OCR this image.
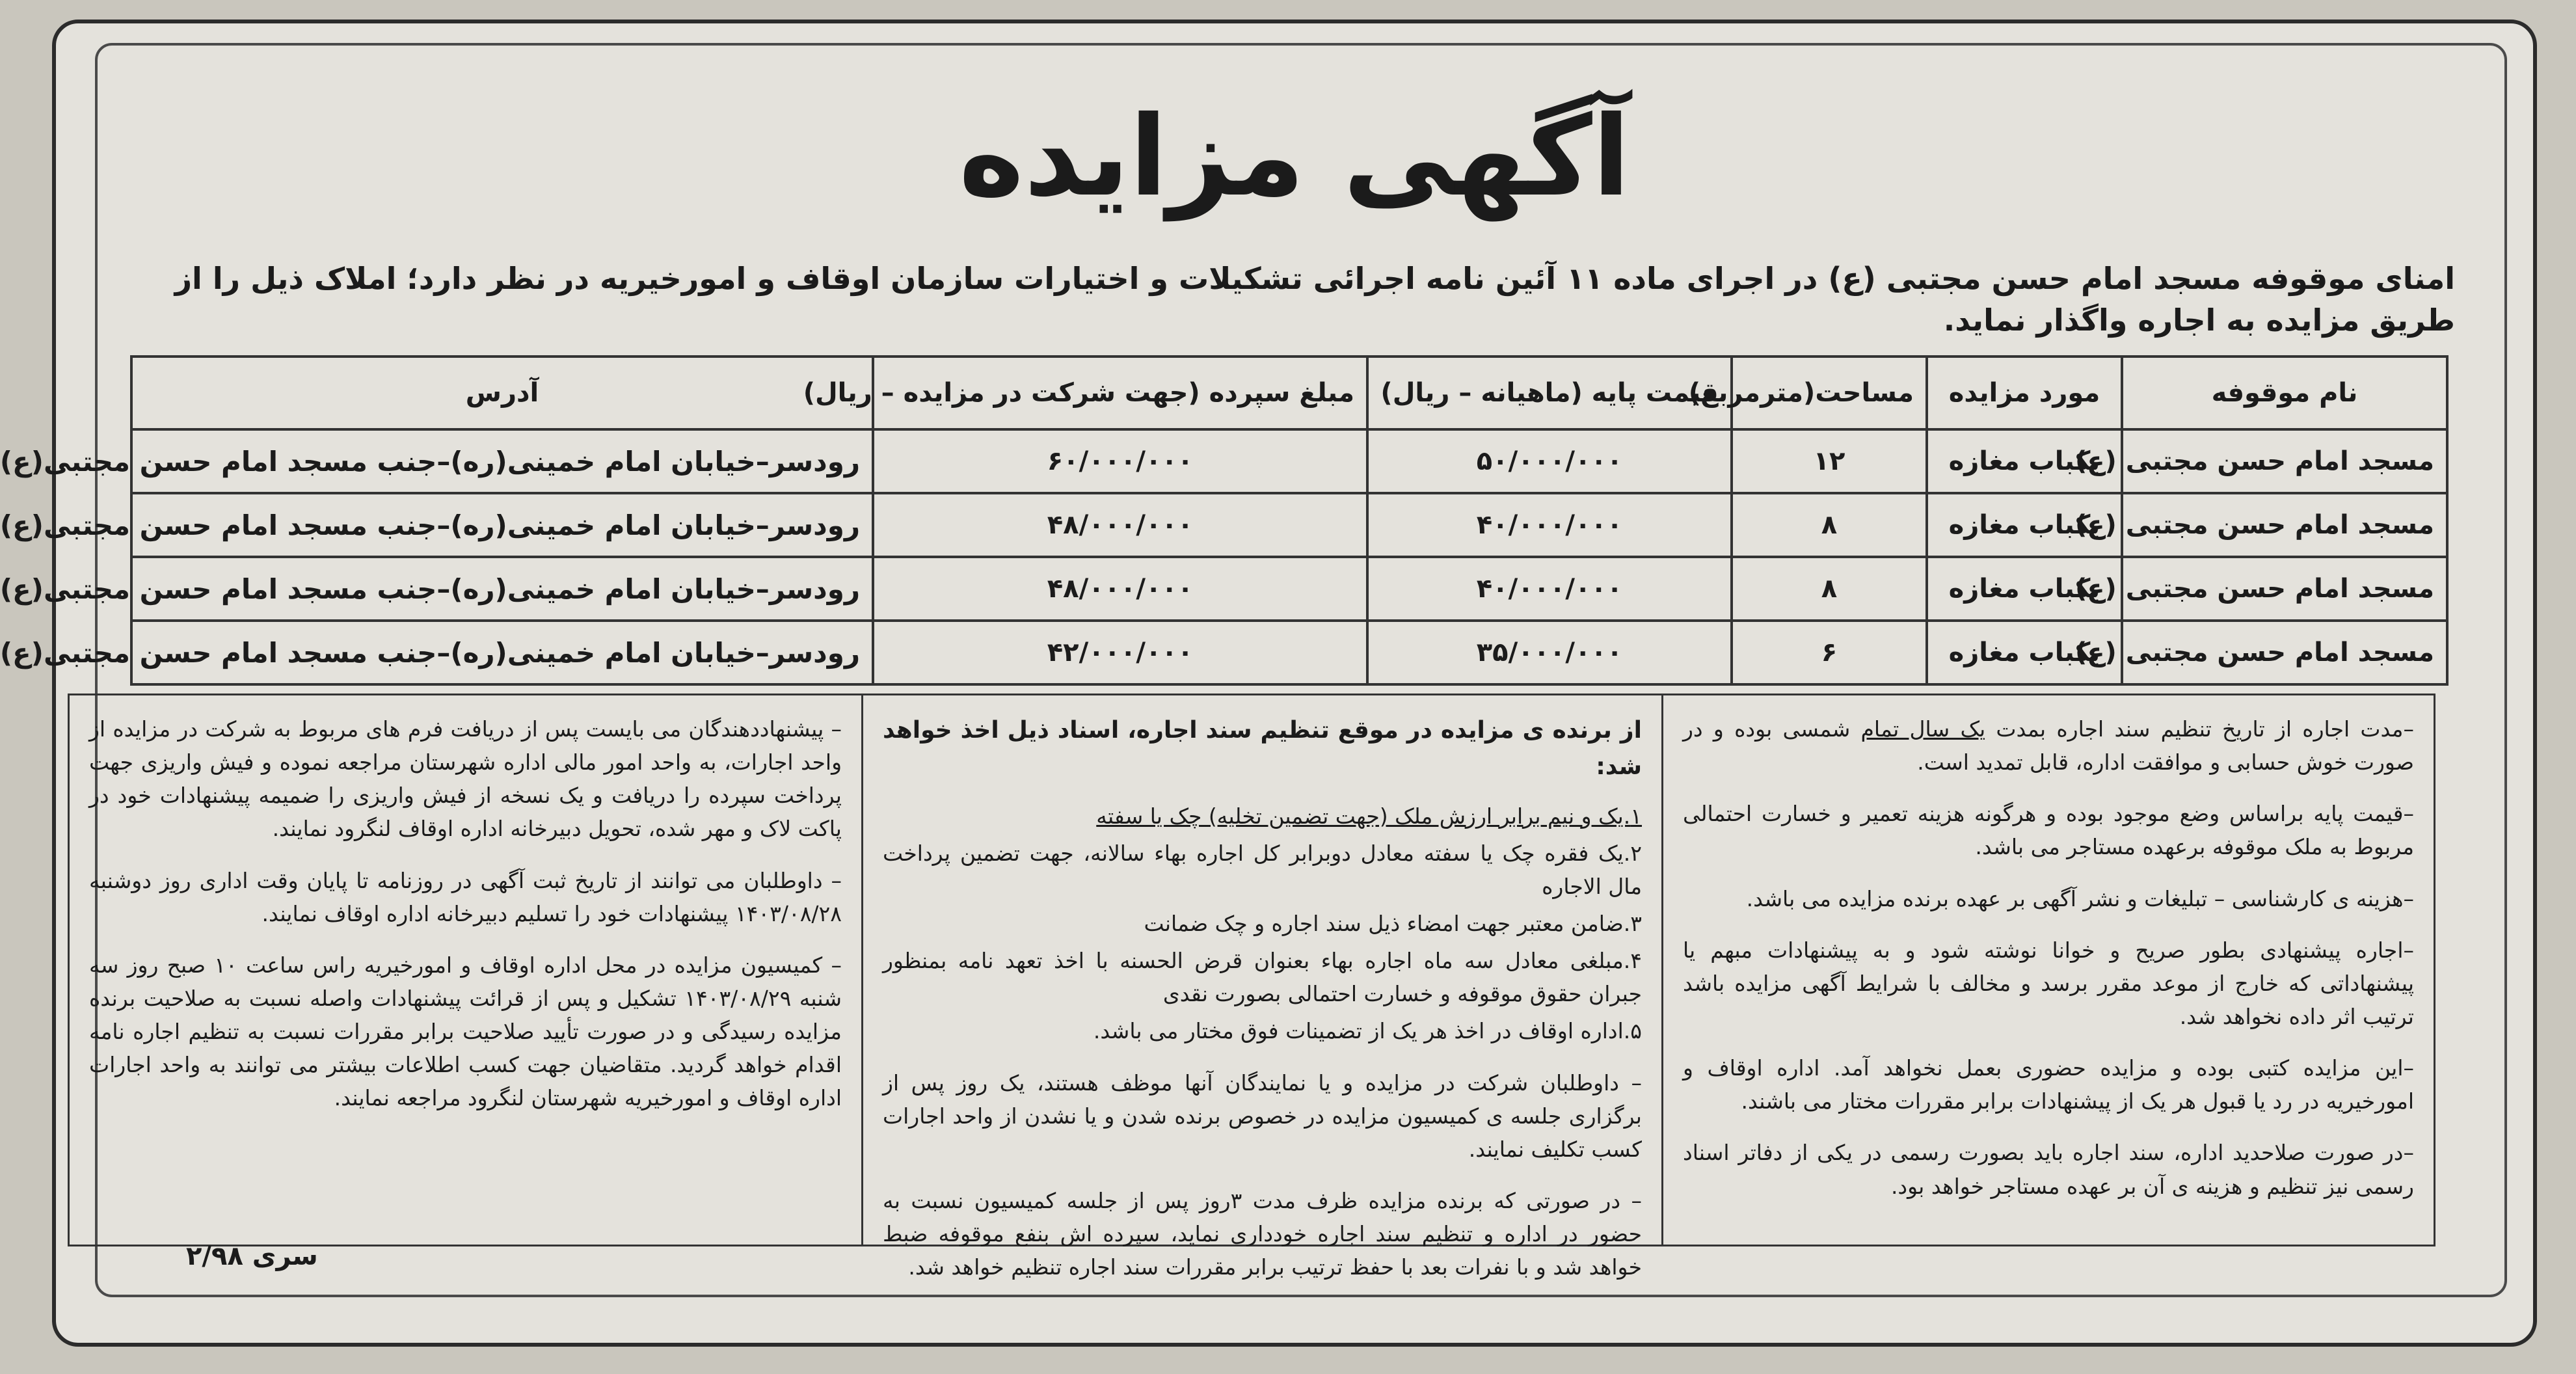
آگهی مزایده
امنای موقوفه مسجد امام حسن مجتبی (ع) در اجرای ماده ۱۱ آئین نامه اجرائی تشکیلات و اختیارات سازمان اوقاف و امورخیریه در نظر دارد؛ املاک ذیل را از طریق مزایده به اجاره واگذار نماید.
نام موقوفه	مورد مزایده	مساحت(مترمربع)	قیمت پایه (ماهیانه – ریال)	مبلغ سپرده (جهت شرکت در مزایده – ریال)	آدرس
مسجد امام حسن مجتبی (ع)	یکباب مغازه	۱۲	۵۰/۰۰۰/۰۰۰	۶۰/۰۰۰/۰۰۰	رودسر–خیابان امام خمینی(ره)–جنب مسجد امام حسن مجتبی(ع)
مسجد امام حسن مجتبی (ع)	یکباب مغازه	۸	۴۰/۰۰۰/۰۰۰	۴۸/۰۰۰/۰۰۰	رودسر–خیابان امام خمینی(ره)–جنب مسجد امام حسن مجتبی(ع)
مسجد امام حسن مجتبی (ع)	یکباب مغازه	۸	۴۰/۰۰۰/۰۰۰	۴۸/۰۰۰/۰۰۰	رودسر–خیابان امام خمینی(ره)–جنب مسجد امام حسن مجتبی(ع)
مسجد امام حسن مجتبی (ع)	یکباب مغازه	۶	۳۵/۰۰۰/۰۰۰	۴۲/۰۰۰/۰۰۰	رودسر–خیابان امام خمینی(ره)–جنب مسجد امام حسن مجتبی(ع)

–مدت اجاره از تاریخ تنظیم سند اجاره بمدت یک سال تمام شمسی بوده و در صورت خوش حسابی و موافقت اداره، قابل تمدید است.

–قیمت پایه براساس وضع موجود بوده و هرگونه هزینه تعمیر و خسارت احتمالی مربوط به ملک موقوفه برعهده مستاجر می باشد.

–هزینه ی کارشناسی – تبلیغات و نشر آگهی بر عهده برنده مزایده می باشد.

–اجاره پیشنهادی بطور صریح و خوانا نوشته شود و به پیشنهادات مبهم یا پیشنهاداتی که خارج از موعد مقرر برسد و مخالف با شرایط آگهی مزایده باشد ترتیب اثر داده نخواهد شد.

–این مزایده کتبی بوده و مزایده حضوری بعمل نخواهد آمد. اداره اوقاف و امورخیریه در رد یا قبول هر یک از پیشنهادات برابر مقررات مختار می باشند.

–در صورت صلاحدید اداره، سند اجاره باید بصورت رسمی در یکی از دفاتر اسناد رسمی نیز تنظیم و هزینه ی آن بر عهده مستاجر خواهد بود.

از برنده ی مزایده در موقع تنظیم سند اجاره، اسناد ذیل اخذ خواهد شد:

۱.یک و نیم برابر ارزش ملک (جهت تضمین تخلیه) چک یا سفته

۲.یک فقره چک یا سفته معادل دوبرابر کل اجاره بهاء سالانه، جهت تضمین پرداخت مال الاجاره

۳.ضامن معتبر جهت امضاء ذیل سند اجاره و چک ضمانت

۴.مبلغی معادل سه ماه اجاره بهاء بعنوان قرض الحسنه با اخذ تعهد نامه بمنظور جبران حقوق موقوفه و خسارت احتمالی بصورت نقدی

۵.اداره اوقاف در اخذ هر یک از تضمینات فوق مختار می باشد.

– داوطلبان شرکت در مزایده و یا نمایندگان آنها موظف هستند، یک روز پس از برگزاری جلسه ی کمیسیون مزایده در خصوص برنده شدن و یا نشدن از واحد اجارات کسب تکلیف نمایند.

– در صورتی که برنده مزایده ظرف مدت ۳روز پس از جلسه کمیسیون نسبت به حضور در اداره و تنظیم سند اجاره خودداری نماید، سپرده اش بنفع موقوفه ضبط خواهد شد و با نفرات بعد با حفظ ترتیب برابر مقررات سند اجاره تنظیم خواهد شد.

– پیشنهاددهندگان می بایست پس از دریافت فرم های مربوط به شرکت در مزایده از واحد اجارات، به واحد امور مالی اداره شهرستان مراجعه نموده و فیش واریزی جهت پرداخت سپرده را دریافت و یک نسخه از فیش واریزی را ضمیمه پیشنهادات خود در پاکت لاک و مهر شده، تحویل دبیرخانه اداره اوقاف لنگرود نمایند.

– داوطلبان می توانند از تاریخ ثبت آگهی در روزنامه تا پایان وقت اداری روز دوشنبه ۱۴۰۳/۰۸/۲۸ پیشنهادات خود را تسلیم دبیرخانه اداره اوقاف نمایند.

– کمیسیون مزایده در محل اداره اوقاف و امورخیریه راس ساعت ۱۰ صبح روز سه شنبه ۱۴۰۳/۰۸/۲۹ تشکیل و پس از قرائت پیشنهادات واصله نسبت به صلاحیت برنده مزایده رسیدگی و در صورت تأیید صلاحیت برابر مقررات نسبت به تنظیم اجاره نامه اقدام خواهد گردید. متقاضیان جهت کسب اطلاعات بیشتر می توانند به واحد اجارات اداره اوقاف و امورخیریه شهرستان لنگرود مراجعه نمایند.

سری ۲/۹۸
